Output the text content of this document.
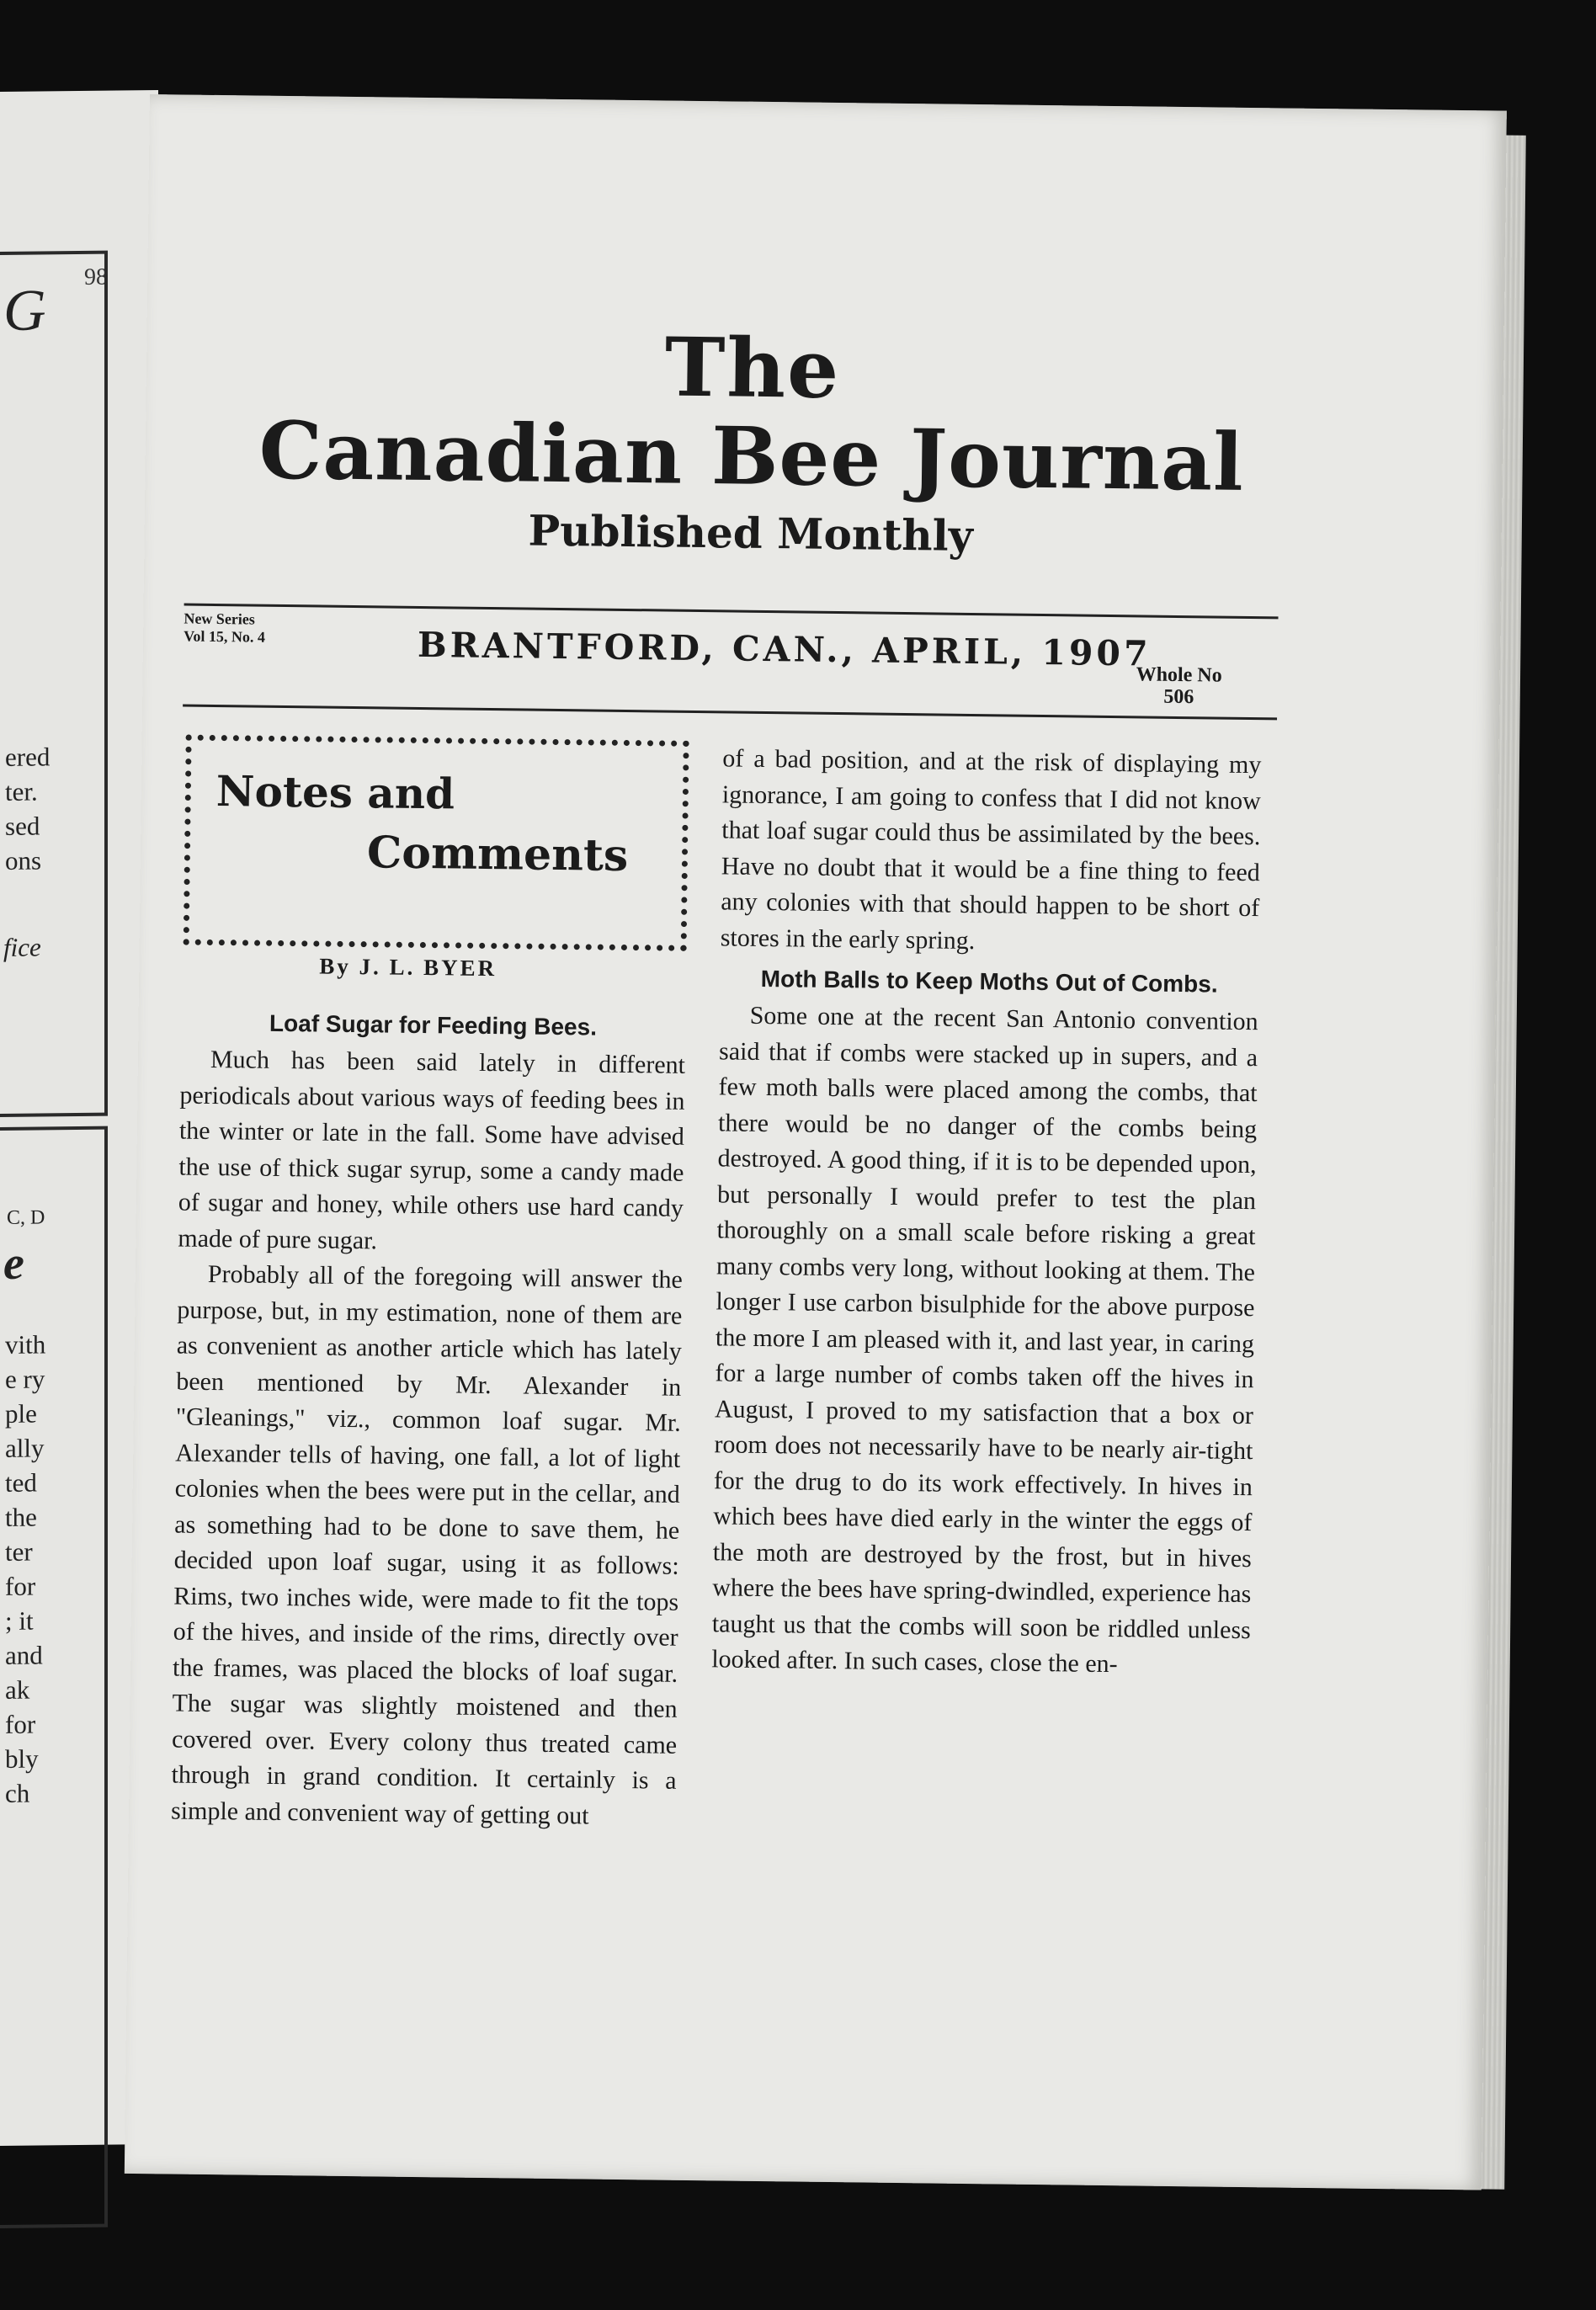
98
G
ered
ter.
sed
ons
fice
C, D
e
vith
e ry
ple
ally
ted
the
ter
for
; it
and
ak
for
bly
ch
The
Canadian Bee Journal
Published Monthly
New Series
Vol 15, No. 4	BRANTFORD, CAN., APRIL, 1907
Whole No
506
Notes and
Comments
By J. L. BYER
Loaf Sugar for Feeding Bees.

Much has been said lately in different periodicals about various ways of feeding bees in the winter or late in the fall. Some have advised the use of thick sugar syrup, some a candy made of sugar and honey, while others use hard candy made of pure sugar.

Probably all of the foregoing will answer the purpose, but, in my estimation, none of them are as convenient as another article which has lately been mentioned by Mr. Alexander in "Gleanings," viz., common loaf sugar. Mr. Alexander tells of having, one fall, a lot of light colonies when the bees were put in the cellar, and as something had to be done to save them, he decided upon loaf sugar, using it as follows: Rims, two inches wide, were made to fit the tops of the hives, and inside of the rims, directly over the frames, was placed the blocks of loaf sugar. The sugar was slightly moistened and then covered over. Every colony thus treated came through in grand condition. It certainly is a simple and convenient way of getting out

of a bad position, and at the risk of displaying my ignorance, I am going to confess that I did not know that loaf sugar could thus be assimilated by the bees. Have no doubt that it would be a fine thing to feed any colonies with that should happen to be short of stores in the early spring.

Moth Balls to Keep Moths Out of Combs.

Some one at the recent San Antonio convention said that if combs were stacked up in supers, and a few moth balls were placed among the combs, that there would be no danger of the combs being destroyed. A good thing, if it is to be depended upon, but personally I would prefer to test the plan thoroughly on a small scale before risking a great many combs very long, without looking at them. The longer I use carbon bisulphide for the above purpose the more I am pleased with it, and last year, in caring for a large number of combs taken off the hives in August, I proved to my satisfaction that a box or room does not necessarily have to be nearly air-tight for the drug to do its work effectively. In hives in which bees have died early in the winter the eggs of the moth are destroyed by the frost, but in hives where the bees have spring-dwindled, experience has taught us that the combs will soon be riddled unless looked after. In such cases, close the en-
